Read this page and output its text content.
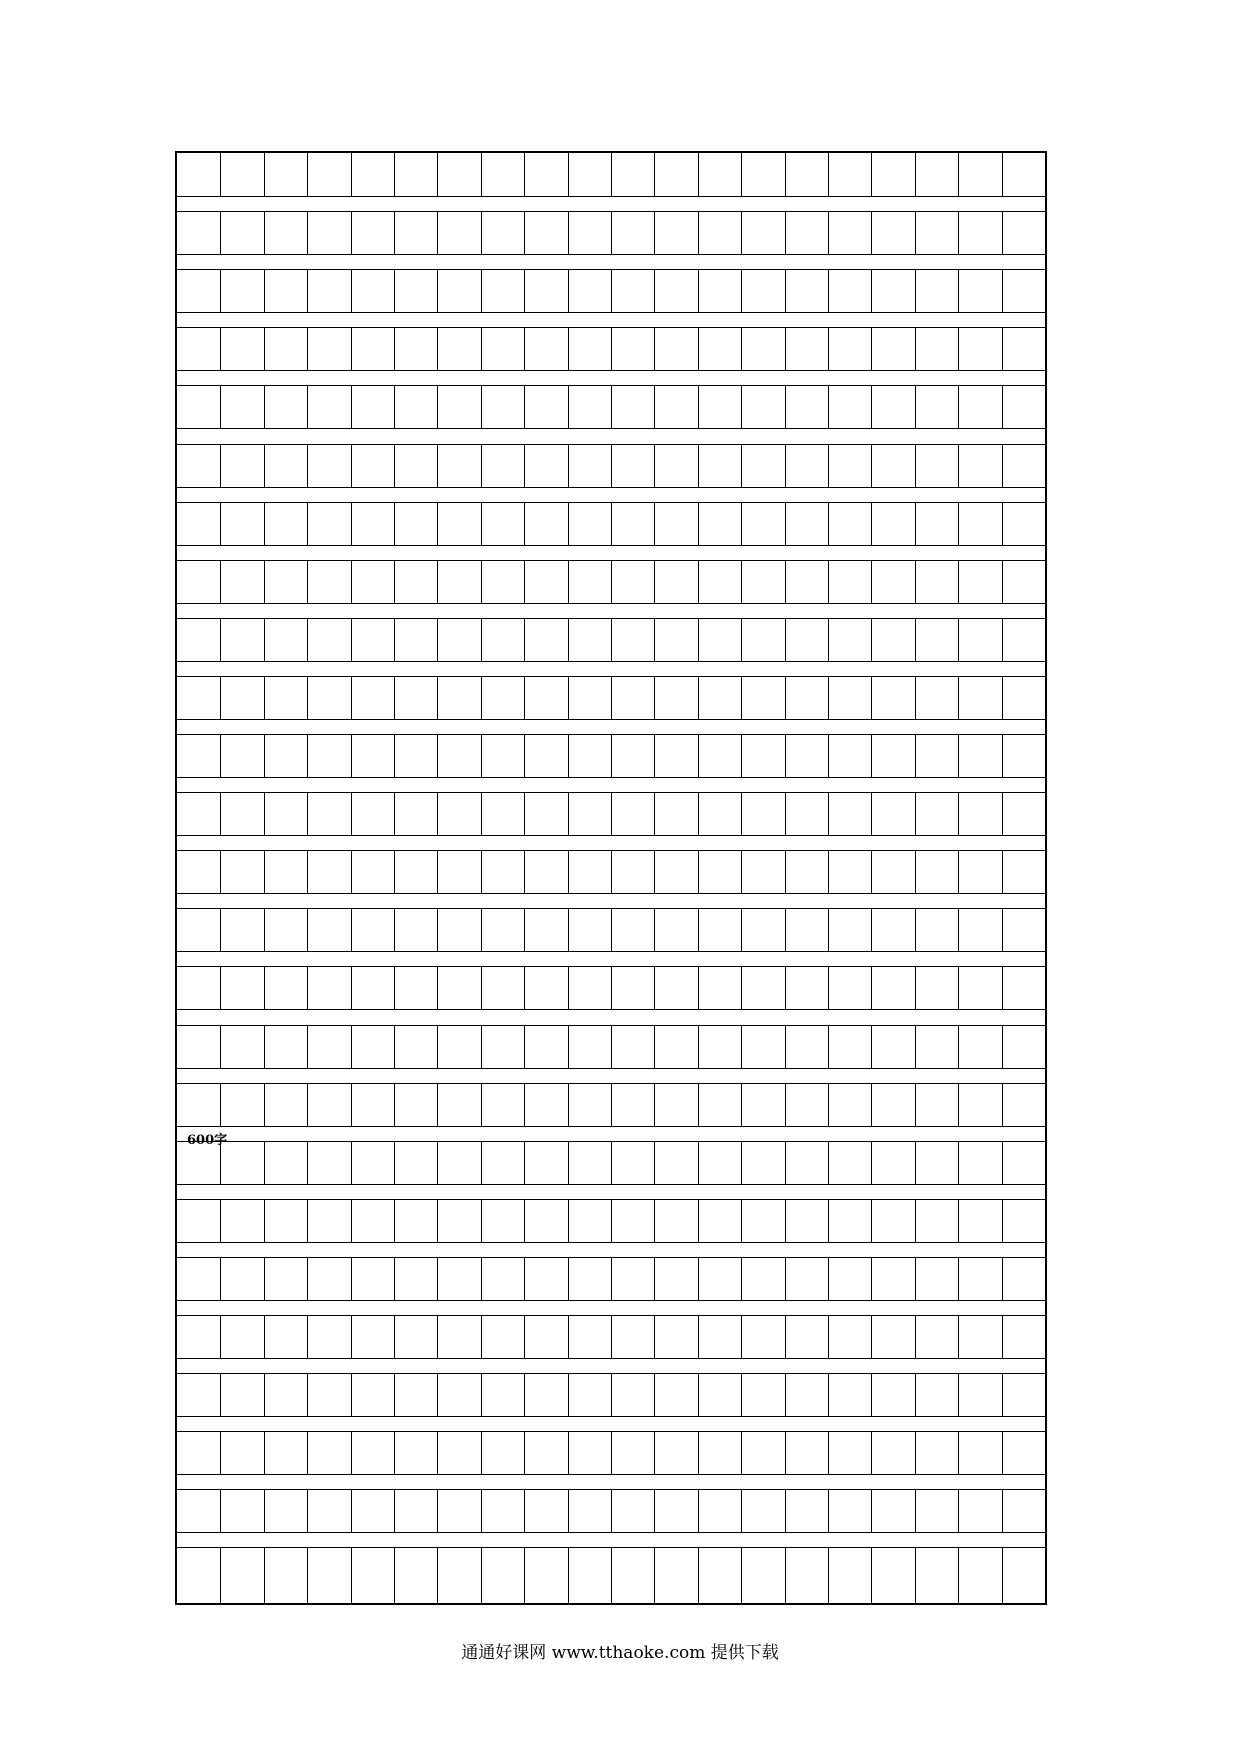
600字
通通好课网 www.tthaoke.com 提供下载
